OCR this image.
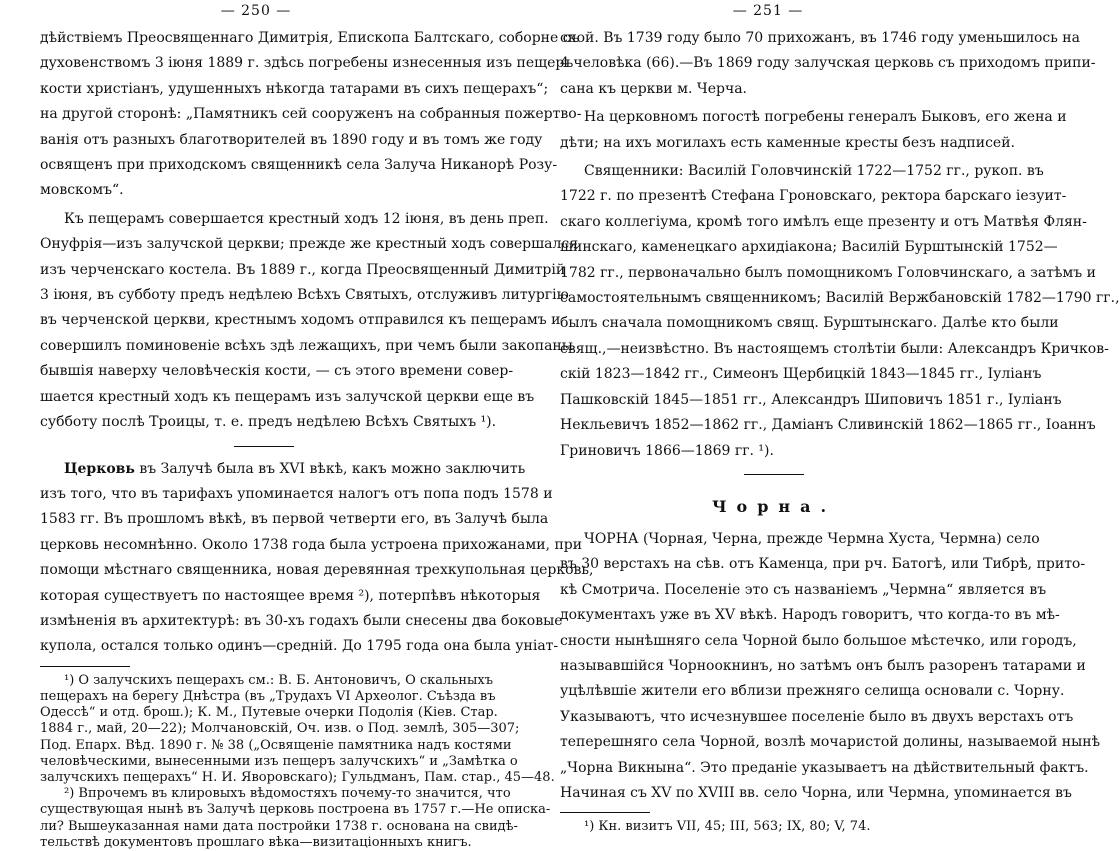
— 250 —
дѣйствіемъ Преосвященнаго Димитрія, Епископа Балтскаго, соборне съ
духовенствомъ 3 іюня 1889 г. здѣсь погребены изнесенныя изъ пещеръ
кости христіанъ, удушенныхъ нѣкогда татарами въ сихъ пещерахъ“;
на другой сторонѣ: „Памятникъ сей сооруженъ на собранныя пожертво-
ванія отъ разныхъ благотворителей въ 1890 году и въ томъ же году
освященъ при приходскомъ священникѣ села Залуча Никанорѣ Розу-
мовскомъ“.
Къ пещерамъ совершается крестный ходъ 12 іюня, въ день преп.
Онуфрія—изъ залучской церкви; прежде же крестный ходъ совершался
изъ черченскаго костела. Въ 1889 г., когда Преосвященный Димитрій
3 іюня, въ субботу предъ недѣлею Всѣхъ Святыхъ, отслуживъ литургію
въ черченской церкви, крестнымъ ходомъ отправился къ пещерамъ и
совершилъ поминовеніе всѣхъ здѣ лежащихъ, при чемъ были закопаны
бывшія наверху человѣческія кости, — съ этого времени совер-
шается крестный ходъ къ пещерамъ изъ залучской церкви еще въ
субботу послѣ Троицы, т. е. предъ недѣлею Всѣхъ Святыхъ ¹).
Церковь въ Залучѣ была въ XVI вѣкѣ, какъ можно заключить
изъ того, что въ тарифахъ упоминается налогъ отъ попа подъ 1578 и
1583 гг. Въ прошломъ вѣкѣ, въ первой четверти его, въ Залучѣ была
церковь несомнѣнно. Около 1738 года была устроена прихожанами, при
помощи мѣстнаго священника, новая деревянная трехкупольная церковь,
которая существуетъ по настоящее время ²), потерпѣвъ нѣкоторыя
измѣненія въ архитектурѣ: въ 30-хъ годахъ были снесены два боковые
купола, остался только одинъ—средній. До 1795 года она была уніат-
¹) О залучскихъ пещерахъ см.: В. Б. Антоновичъ, О скальныхъ
пещерахъ на берегу Днѣстра (въ „Трудахъ VI Археолог. Съѣзда въ
Одессѣ“ и отд. брош.); К. М., Путевые очерки Подолія (Кiев. Стар.
1884 г., май, 20—22); Молчановскій, Оч. изв. о Под. землѣ, 305—307;
Под. Епарх. Вѣд. 1890 г. № 38 („Освященіе памятника надъ костями
человѣческими, вынесенными изъ пещеръ залучскихъ“ и „Замѣтка о
залучскихъ пещерахъ“ Н. И. Яворовскаго); Гульдманъ, Пам. стар., 45—48.
²) Впрочемъ въ клировыхъ вѣдомостяхъ почему-то значится, что
существующая нынѣ въ Залучѣ церковь построена въ 1757 г.—Не описка-
ли? Вышеуказанная нами дата постройки 1738 г. основана на свидѣ-
тельствѣ документовъ прошлаго вѣка—визитаціонныхъ книгъ.
— 251 —
ской. Въ 1739 году было 70 прихожанъ, въ 1746 году уменьшилось на
4 человѣка (66).—Въ 1869 году залучская церковь съ приходомъ припи-
сана къ церкви м. Черча.
На церковномъ погостѣ погребены генералъ Быковъ, его жена и
дѣти; на ихъ могилахъ есть каменные кресты безъ надписей.
Священники: Василій Головчинскій 1722—1752 гг., рукоп. въ
1722 г. по презентѣ Стефана Гроновскаго, ректора барскаго іезуит-
скаго коллегіума, кромѣ того имѣлъ еще презенту и отъ Матвѣя Флян-
шинскаго, каменецкаго архидіакона; Василій Бурштынскій 1752—
1782 гг., первоначально былъ помощникомъ Головчинскаго, а затѣмъ и
самостоятельнымъ священникомъ; Василій Вержбановскій 1782—1790 гг.,
былъ сначала помощникомъ свящ. Бурштынскаго. Далѣе кто были
свящ.,—неизвѣстно. Въ настоящемъ столѣтіи были: Александръ Кричков-
скій 1823—1842 гг., Симеонъ Щербицкій 1843—1845 гг., Іуліанъ
Пашковскій 1845—1851 гг., Александръ Шиповичъ 1851 г., Іуліанъ
Некльевичъ 1852—1862 гг., Даміанъ Сливинскій 1862—1865 гг., Іоаннъ
Гриновичъ 1866—1869 гг. ¹).
Чорна.
ЧОРНА (Чорная, Черна, прежде Чермна Хуста, Чермна) село
въ 30 верстахъ на сѣв. отъ Каменца, при рч. Батогѣ, или Тибрѣ, прито-
кѣ Смотрича. Поселеніе это съ названіемъ „Чермна“ является въ
документахъ уже въ XV вѣкѣ. Народъ говоритъ, что когда-то въ мѣ-
сности нынѣшняго села Чорной было большое мѣстечко, или городъ,
называвшійся Чорноокнинъ, но затѣмъ онъ былъ разоренъ татарами и
уцѣлѣвшіе жители его вблизи прежняго селища основали с. Чорну.
Указываютъ, что исчезнувшее поселеніе было въ двухъ верстахъ отъ
теперешняго села Чорной, возлѣ мочаристой долины, называемой нынѣ
„Чорна Викнына“. Это преданіе указываетъ на дѣйствительный фактъ.
Начиная съ XV по XVIII вв. село Чорна, или Чермна, упоминается въ
¹) Кн. визитъ VII, 45; III, 563; IX, 80; V, 74.
